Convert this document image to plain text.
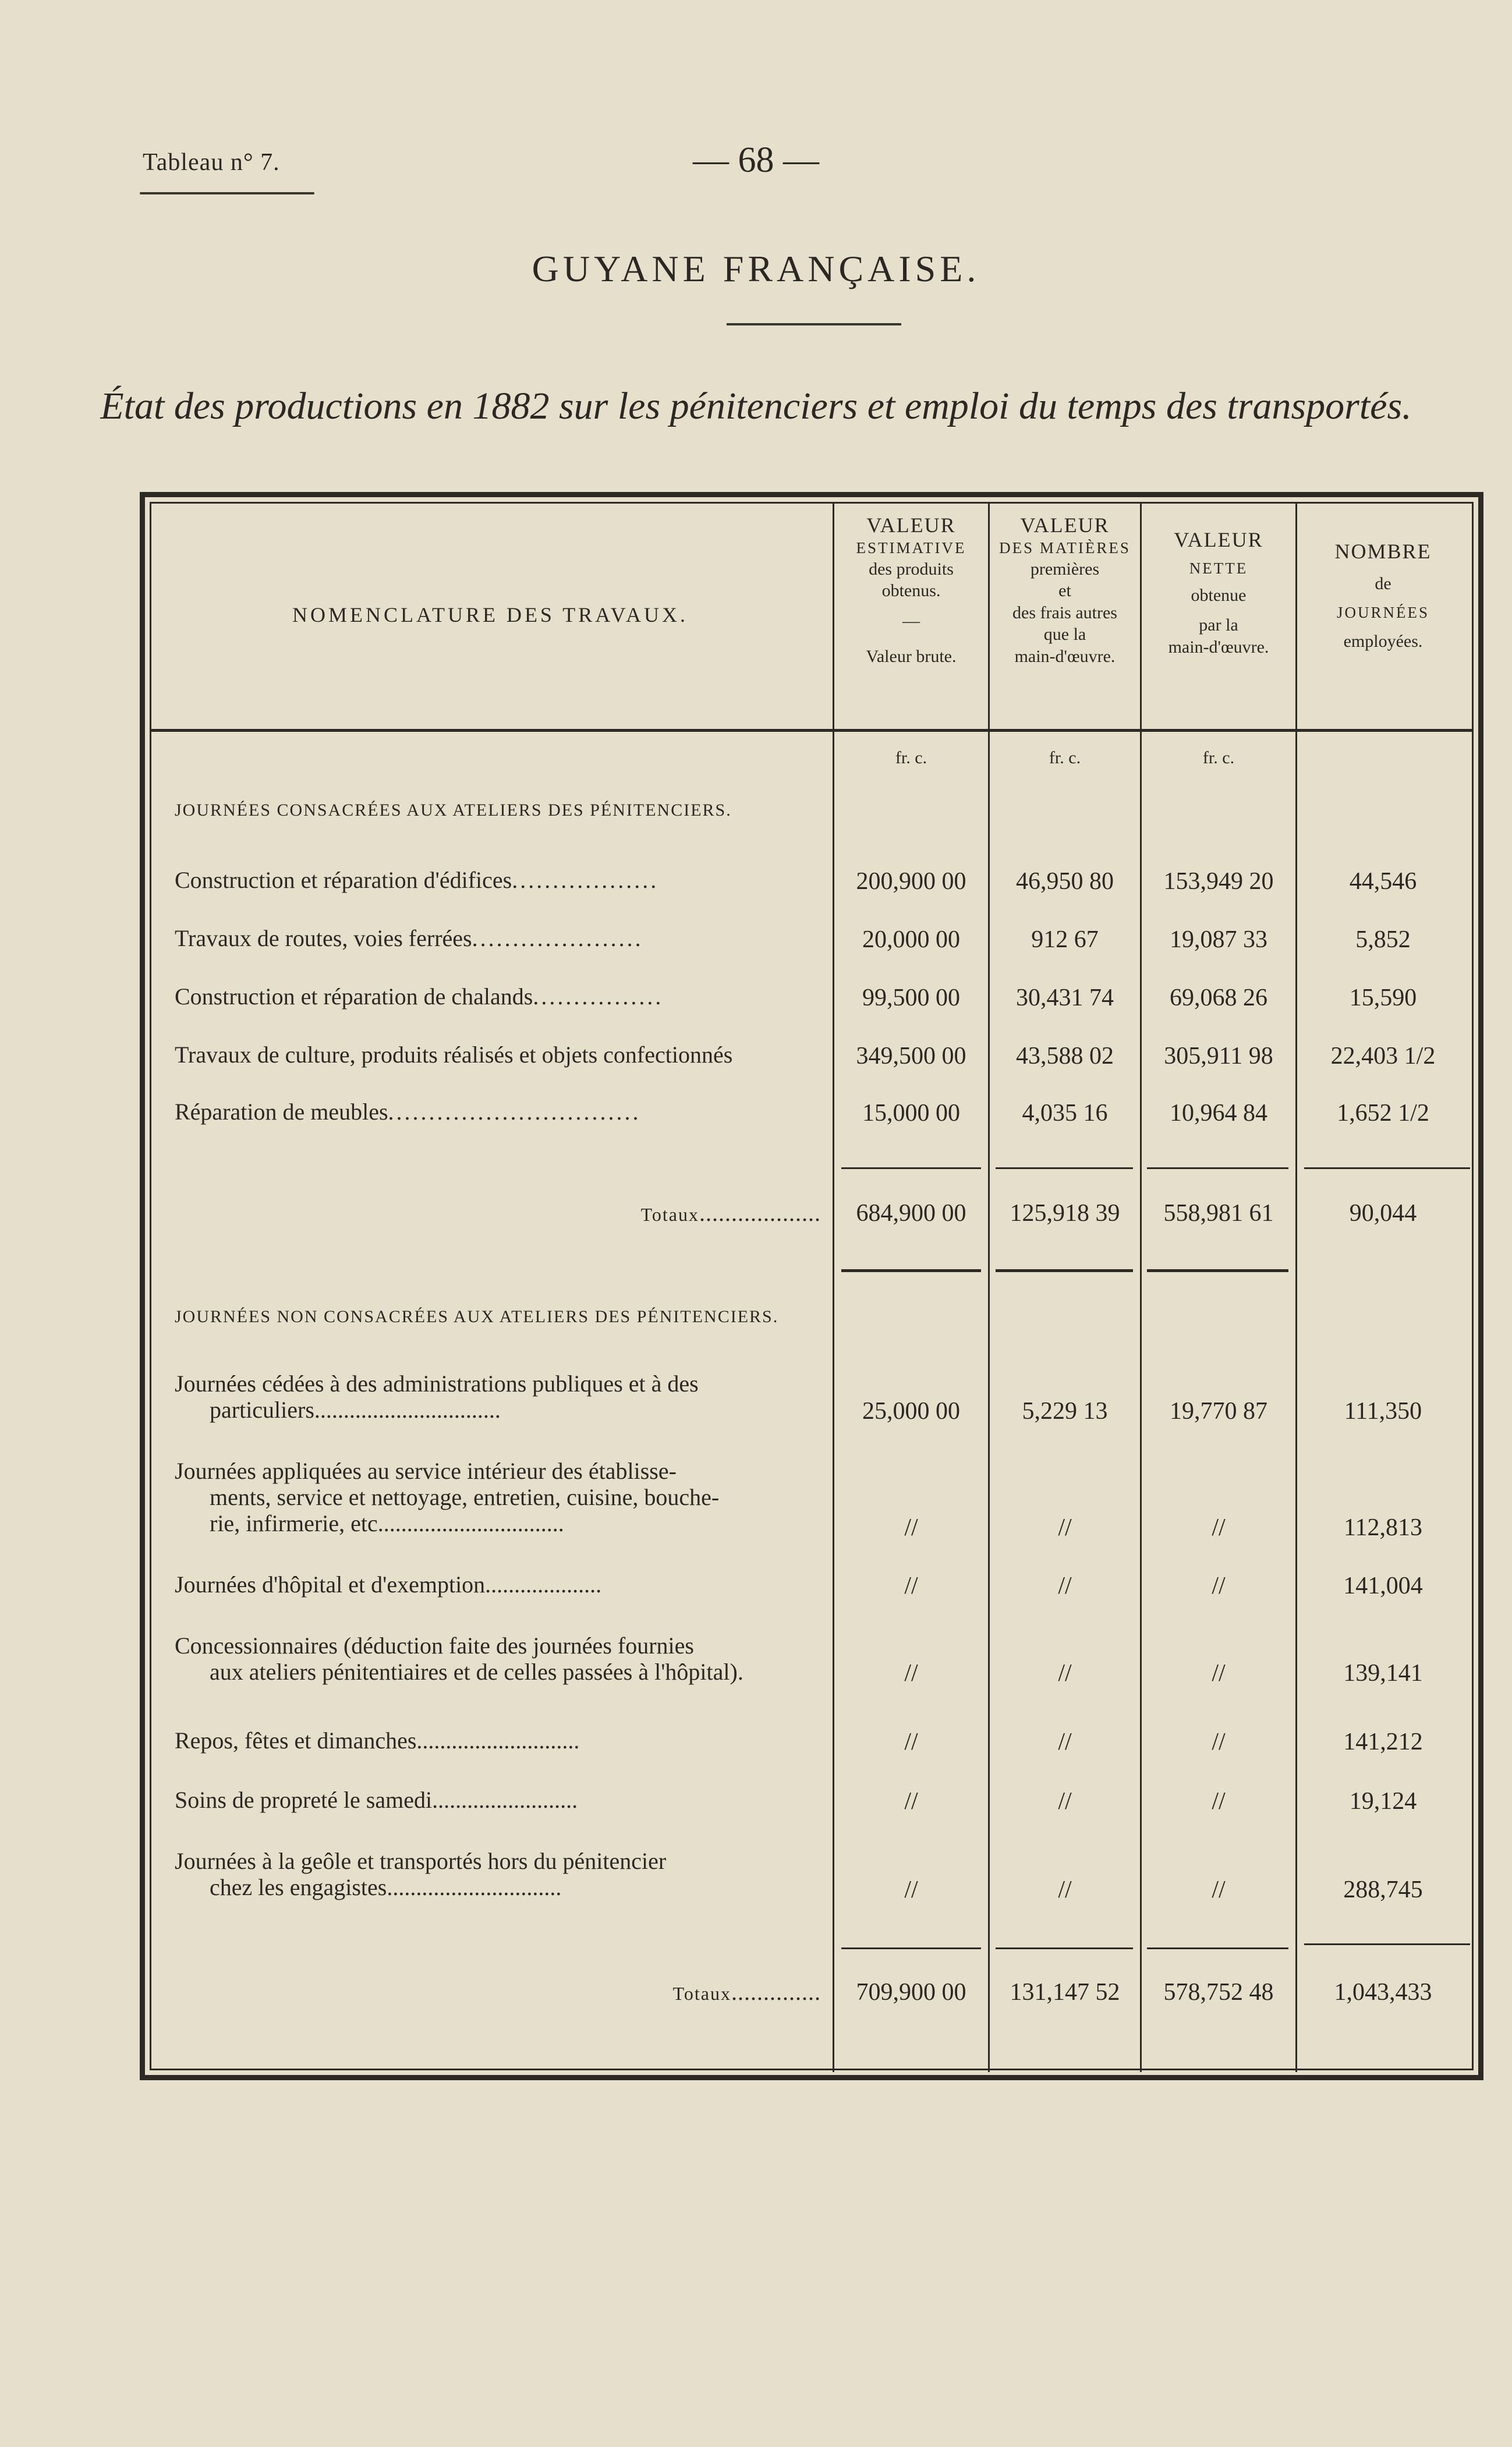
Tableau n° 7.	— 68 —
GUYANE FRANÇAISE.
État des productions en 1882 sur les pénitenciers et emploi du temps des transportés.
NOMENCLATURE DES TRAVAUX.
VALEUR
ESTIMATIVE
des produits
obtenus.
—
Valeur brute.
VALEUR
DES MATIÈRES
premières
et
des frais autres
que la
main-d'œuvre.
VALEUR
NETTE
obtenue
par la
main-d'œuvre.
NOMBRE
de
JOURNÉES
employées.
fr. c.	fr. c.	fr. c.
JOURNÉES CONSACRÉES AUX ATELIERS DES PÉNITENCIERS.
Construction et réparation d'édifices..................	200,900 00	46,950 80	153,949 20	44,546
Travaux de routes, voies ferrées.....................	20,000 00	912 67	19,087 33	5,852
Construction et réparation de chalands................	99,500 00	30,431 74	69,068 26	15,590
Travaux de culture, produits réalisés et objets confectionnés	349,500 00	43,588 02	305,911 98	22,403 1/2
Réparation de meubles...............................	15,000 00	4,035 16	10,964 84	1,652 1/2
Totaux...................	684,900 00	125,918 39	558,981 61	90,044
JOURNÉES NON CONSACRÉES AUX ATELIERS DES PÉNITENCIERS.
Journées cédées à des administrations publiques et à des
particuliers................................	25,000 00	5,229 13	19,770 87	111,350
Journées appliquées au service intérieur des établisse-
ments, service et nettoyage, entretien, cuisine, bouche-
rie, infirmerie, etc................................	//	//	//	112,813
Journées d'hôpital et d'exemption....................	//	//	//	141,004
Concessionnaires (déduction faite des journées fournies
aux ateliers pénitentiaires et de celles passées à l'hôpital).	//	//	//	139,141
Repos, fêtes et dimanches............................	//	//	//	141,212
Soins de propreté le samedi.........................	//	//	//	19,124
Journées à la geôle et transportés hors du pénitencier
chez les engagistes..............................	//	//	//	288,745
Totaux..............	709,900 00	131,147 52	578,752 48	1,043,433
